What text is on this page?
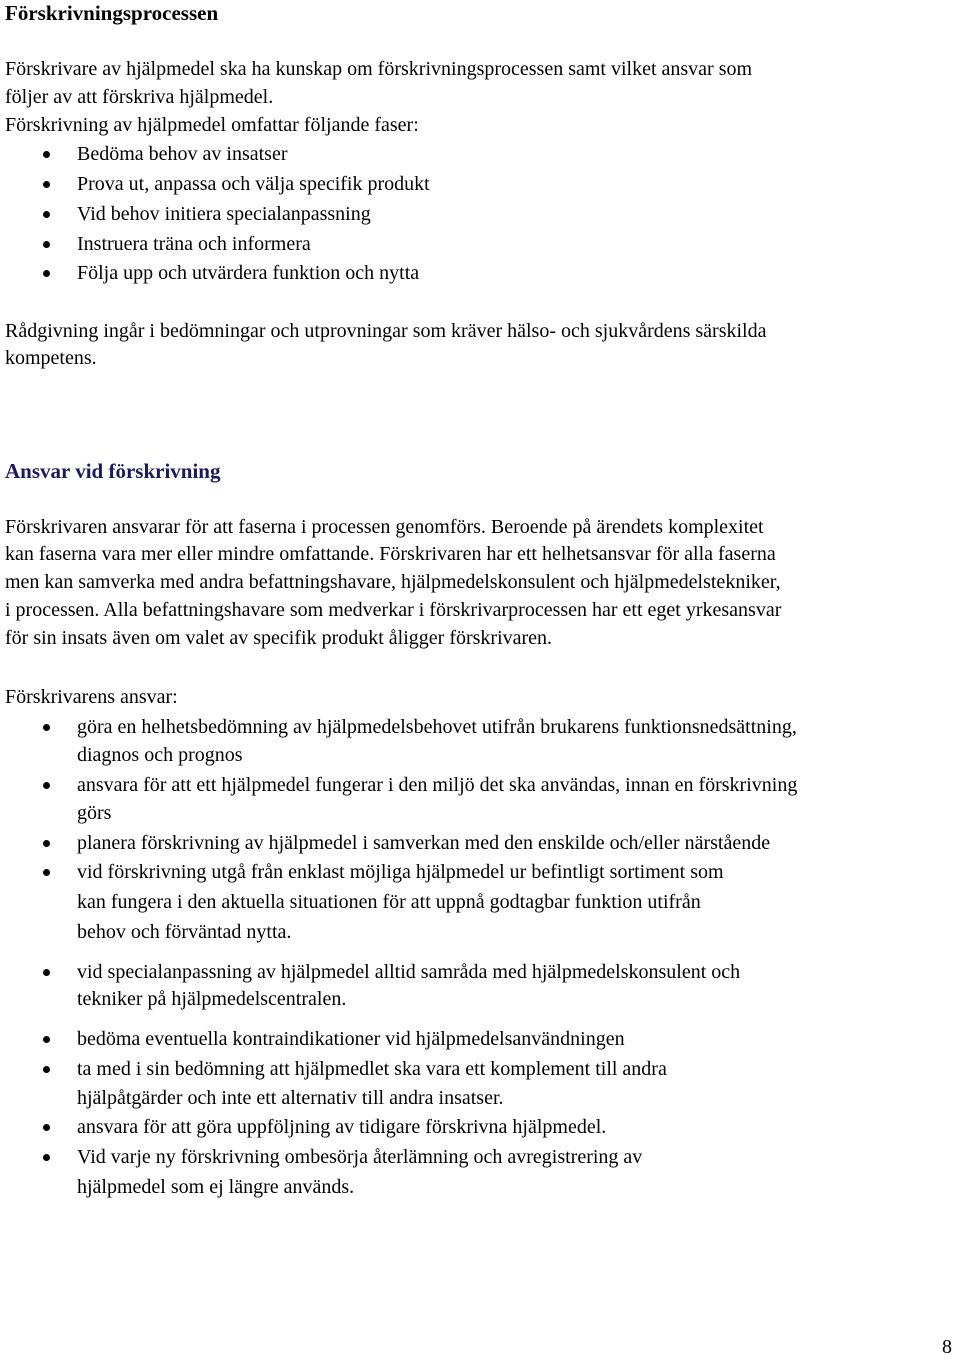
Förskrivningsprocessen
Förskrivare av hjälpmedel ska ha kunskap om förskrivningsprocessen samt vilket ansvar som
följer av att förskriva hjälpmedel.
Förskrivning av hjälpmedel omfattar följande faser:
Bedöma behov av insatser
Prova ut, anpassa och välja specifik produkt
Vid behov initiera specialanpassning
Instruera träna och informera
Följa upp och utvärdera funktion och nytta
Rådgivning ingår i bedömningar och utprovningar som kräver hälso- och sjukvårdens särskilda
kompetens.
Ansvar vid förskrivning
Förskrivaren ansvarar för att faserna i processen genomförs. Beroende på ärendets komplexitet
kan faserna vara mer eller mindre omfattande. Förskrivaren har ett helhetsansvar för alla faserna
men kan samverka med andra befattningshavare, hjälpmedelskonsulent och hjälpmedelstekniker,
i processen. Alla befattningshavare som medverkar i förskrivarprocessen har ett eget yrkesansvar
för sin insats även om valet av specifik produkt åligger förskrivaren.
Förskrivarens ansvar:
göra en helhetsbedömning av hjälpmedelsbehovet utifrån brukarens funktionsnedsättning,
diagnos och prognos
ansvara för att ett hjälpmedel fungerar i den miljö det ska användas, innan en förskrivning
görs
planera förskrivning av hjälpmedel i samverkan med den enskilde och/eller närstående
vid förskrivning utgå från enklast möjliga hjälpmedel ur befintligt sortiment som
kan fungera i den aktuella situationen för att uppnå godtagbar funktion utifrån
behov och förväntad nytta.
vid specialanpassning av hjälpmedel alltid samråda med hjälpmedelskonsulent och
tekniker på hjälpmedelscentralen.
bedöma eventuella kontraindikationer vid hjälpmedelsanvändningen
ta med i sin bedömning att hjälpmedlet ska vara ett komplement till andra
hjälpåtgärder och inte ett alternativ till andra insatser.
ansvara för att göra uppföljning av tidigare förskrivna hjälpmedel.
Vid varje ny förskrivning ombesörja återlämning och avregistrering av
hjälpmedel som ej längre används.
8
